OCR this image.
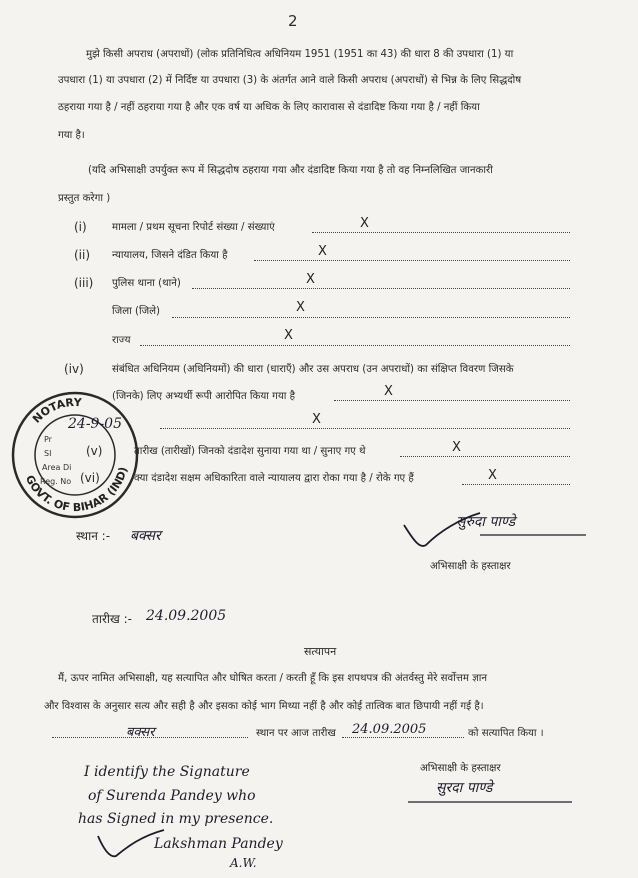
2
मुझे किसी अपराध (अपराधों) (लोक प्रतिनिधित्व अधिनियम 1951 (1951 का 43) की धारा 8 की उपधारा (1) या
उपधारा (1) या उपधारा (2) में निर्दिष्ट या उपधारा (3) के अंतर्गत आने वाले किसी अपराध (अपराधों) से भिन्न के लिए सिद्धदोष
ठहराया गया है / नहीं ठहराया गया है और एक वर्ष या अधिक के लिए कारावास से दंडादिष्ट किया गया है / नहीं किया
गया है।
(यदि अभिसाक्षी उपर्युक्त रूप में सिद्धदोष ठहराया गया और दंडादिष्ट किया गया है तो वह निम्नलिखित जानकारी
प्रस्तुत करेगा )
(i) मामला / प्रथम सूचना रिपोर्ट संख्या / संख्याएं	X
(ii) न्यायालय, जिसने दंडित किया है	X
(iii) पुलिस थाना (थाने)	X
जिला (जिले)	X
राज्य	X
(iv)	संबंधित अधिनियम (अधिनियमों) की धारा (धाराएँ) और उस अपराध (उन अपराधों) का संक्षिप्त विवरण जिसके
(जिनके) लिए अभ्यर्थी रूपी आरोपित किया गया है	X
X
(v)	तारीख (तारीखों) जिनको दंडादेश सुनाया गया था / सुनाए गए थे	X
(vi)	क्या दंडादेश सक्षम अधिकारिता वाले न्यायालय द्वारा रोका गया है / रोके गए हैं	X
NOTARY
GOVT. OF BIHAR (IND)
Pr
SI
Area Di
Reg. No
24-9-05
स्थान :- बक्सर
सुरुदा पाण्डे
अभिसाक्षी के हस्ताक्षर
तारीख :- 24.09.2005
सत्यापन
मैं, ऊपर नामित अभिसाक्षी, यह सत्यापित और घोषित करता / करती हूँ कि इस शपथपत्र की अंतर्वस्तु मेरे सर्वोत्तम ज्ञान
और विश्वास के अनुसार सत्य और सही है और इसका कोई भाग मिथ्या नहीं है और कोई तात्विक बात छिपायी नहीं गई है।
बक्सर	स्थान पर आज तारीख 24.09.2005	को सत्यापित किया ।
अभिसाक्षी के हस्ताक्षर
सुरदा पाण्डे
I identify the Signature
of Surenda Pandey who
has Signed in my presence.
Lakshman Pandey
A.W.
